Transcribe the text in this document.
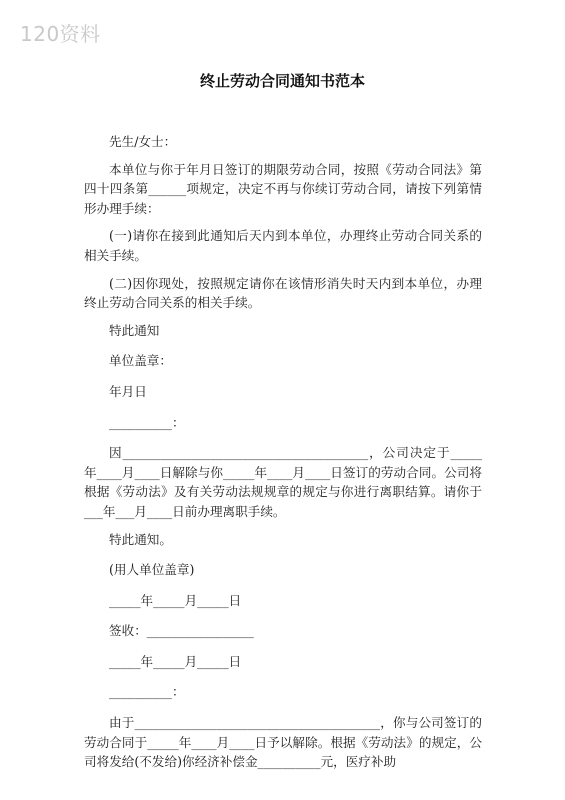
120资料
终止劳动合同通知书范本

先生/女士：

本单位与你于年月日签订的期限劳动合同，按照《劳动合同法》第四十四条第______项规定，决定不再与你续订劳动合同，请按下列第情形办理手续：

(一)请你在接到此通知后天内到本单位，办理终止劳动合同关系的相关手续。

(二)因你现处，按照规定请你在该情形消失时天内到本单位，办理终止劳动合同关系的相关手续。

特此通知

单位盖章：

年月日

__________：

因_______________________________________，公司决定于_____年____月____日解除与你_____年____月____日签订的劳动合同。公司将根据《劳动法》及有关劳动法规规章的规定与你进行离职结算。请你于___年___月____日前办理离职手续。

特此通知。

(用人单位盖章)

_____年_____月_____日

签收：_________________

_____年_____月_____日

__________：

由于_______________________________________，你与公司签订的劳动合同于_____年____月____日予以解除。根据《劳动法》的规定，公司将发给(不发给)你经济补偿金__________元，医疗补助
